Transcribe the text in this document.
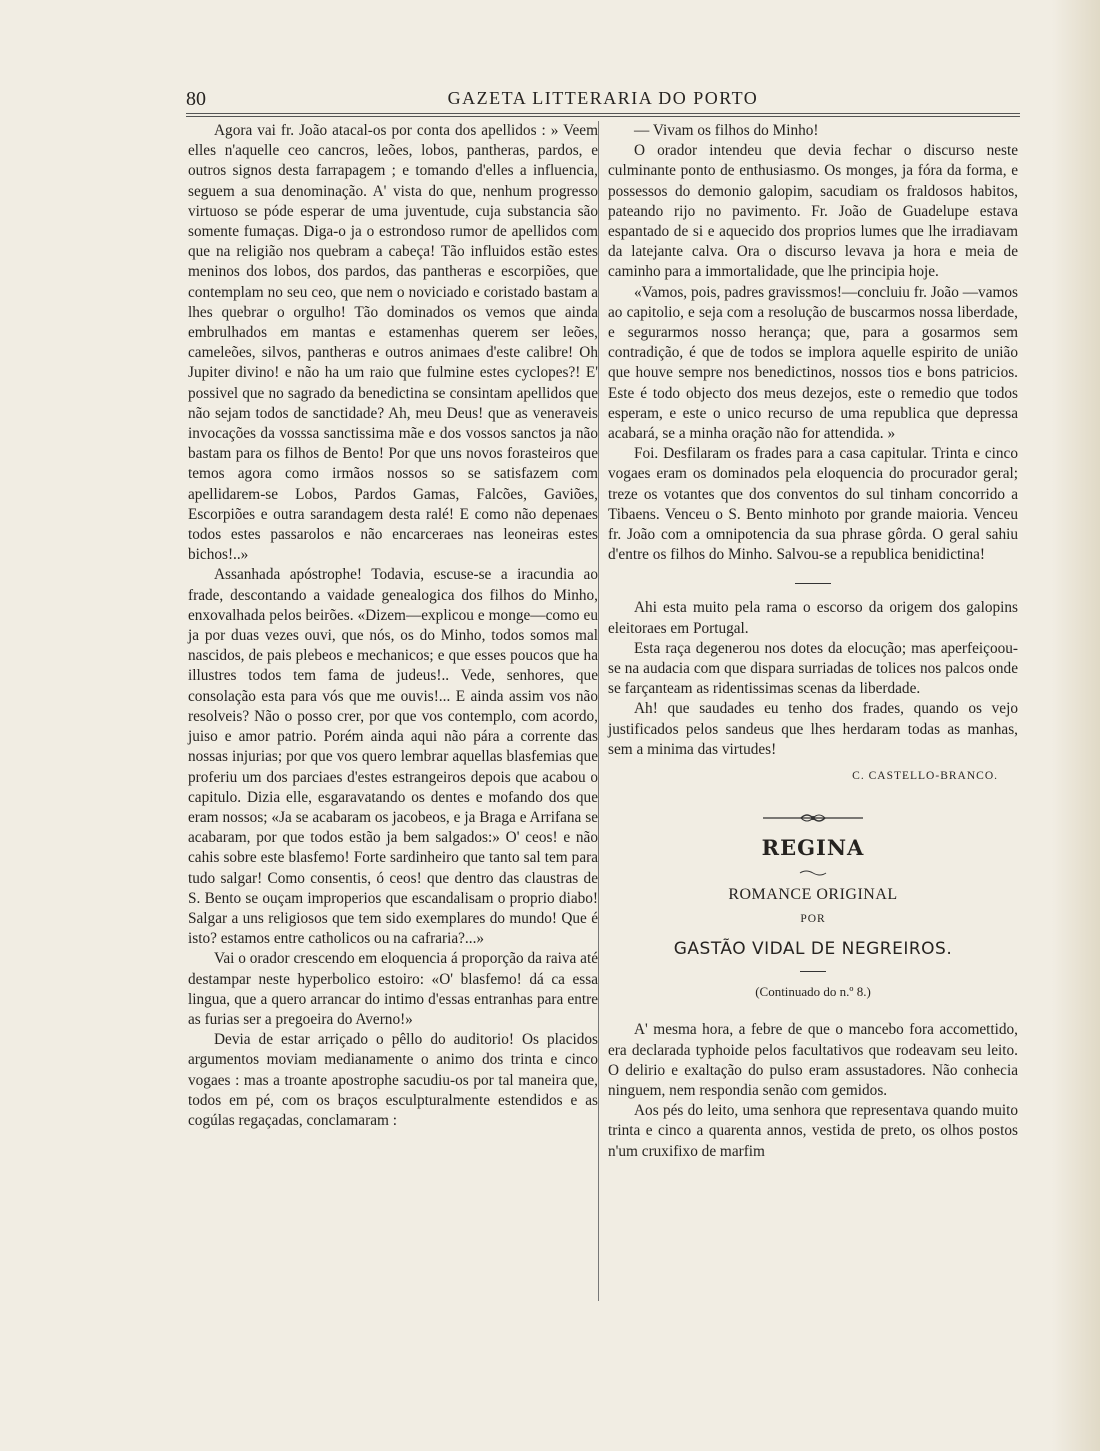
80	GAZETA LITTERARIA DO PORTO

Agora vai fr. João atacal-os por conta dos apellidos : » Veem elles n'aquelle ceo cancros, leões, lobos, pantheras, pardos, e outros signos desta farrapagem ; e tomando d'elles a influencia, seguem a sua denominação. A' vista do que, nenhum progresso virtuoso se póde esperar de uma juventude, cuja substancia são somente fumaças. Diga-o ja o estrondoso rumor de apellidos com que na religião nos quebram a cabeça! Tão influidos estão estes meninos dos lobos, dos pardos, das pantheras e escorpiões, que contemplam no seu ceo, que nem o noviciado e coristado bastam a lhes quebrar o orgulho! Tão dominados os vemos que ainda embrulhados em mantas e estamenhas querem ser leões, cameleões, silvos, pantheras e outros animaes d'este calibre! Oh Jupiter divino! e não ha um raio que fulmine estes cyclopes?! E' possivel que no sagrado da benedictina se consintam apellidos que não sejam todos de sanctidade? Ah, meu Deus! que as veneraveis invocações da vosssa sanctissima mãe e dos vossos sanctos ja não bastam para os filhos de Bento! Por que uns novos forasteiros que temos agora como irmãos nossos so se satisfazem com apellidarem-se Lobos, Pardos Gamas, Falcões, Gaviões, Escorpiões e outra sarandagem desta ralé! E como não depenaes todos estes passarolos e não encarceraes nas leoneiras estes bichos!..»

Assanhada apóstrophe! Todavia, escuse-se a iracundia ao frade, descontando a vaidade genealogica dos filhos do Minho, enxovalhada pelos beirões. «Dizem—explicou e monge—como eu ja por duas vezes ouvi, que nós, os do Minho, todos somos mal nascidos, de pais plebeos e mechanicos; e que esses poucos que ha illustres todos tem fama de judeus!.. Vede, senhores, que consolação esta para vós que me ouvis!... E ainda assim vos não resolveis? Não o posso crer, por que vos contemplo, com acordo, juiso e amor patrio. Porém ainda aqui não pára a corrente das nossas injurias; por que vos quero lembrar aquellas blasfemias que proferiu um dos parciaes d'estes estrangeiros depois que acabou o capitulo. Dizia elle, esgaravatando os dentes e mofando dos que eram nossos; «Ja se acabaram os jacobeos, e ja Braga e Arrifana se acabaram, por que todos estão ja bem salgados:» O' ceos! e não cahis sobre este blasfemo! Forte sardinheiro que tanto sal tem para tudo salgar! Como consentis, ó ceos! que dentro das claustras de S. Bento se ouçam improperios que escandalisam o proprio diabo! Salgar a uns religiosos que tem sido exemplares do mundo! Que é isto? estamos entre catholicos ou na cafraria?...»

Vai o orador crescendo em eloquencia á proporção da raiva até destampar neste hyperbolico estoiro: «O' blasfemo! dá ca essa lingua, que a quero arrancar do intimo d'essas entranhas para entre as furias ser a pregoeira do Averno!»

Devia de estar arriçado o pêllo do auditorio! Os placidos argumentos moviam medianamente o animo dos trinta e cinco vogaes : mas a troante apostrophe sacudiu-os por tal maneira que, todos em pé, com os braços esculpturalmente estendidos e as cogúlas regaçadas, conclamaram :

— Vivam os filhos do Minho!

O orador intendeu que devia fechar o discurso neste culminante ponto de enthusiasmo. Os monges, ja fóra da forma, e possessos do demonio galopim, sacudiam os fraldosos habitos, pateando rijo no pavimento. Fr. João de Guadelupe estava espantado de si e aquecido dos proprios lumes que lhe irradiavam da latejante calva. Ora o discurso levava ja hora e meia de caminho para a immortalidade, que lhe principia hoje.

«Vamos, pois, padres gravissmos!—concluiu fr. João —vamos ao capitolio, e seja com a resolução de buscarmos nossa liberdade, e segurarmos nosso herança; que, para a gosarmos sem contradição, é que de todos se implora aquelle espirito de união que houve sempre nos benedictinos, nossos tios e bons patricios. Este é todo objecto dos meus dezejos, este o remedio que todos esperam, e este o unico recurso de uma republica que depressa acabará, se a minha oração não for attendida. »

Foi. Desfilaram os frades para a casa capitular. Trinta e cinco vogaes eram os dominados pela eloquencia do procurador geral; treze os votantes que dos conventos do sul tinham concorrido a Tibaens. Venceu o S. Bento minhoto por grande maioria. Venceu fr. João com a omnipotencia da sua phrase gôrda. O geral sahiu d'entre os filhos do Minho. Salvou-se a republica benidictina!

Ahi esta muito pela rama o escorso da origem dos galopins eleitoraes em Portugal.

Esta raça degenerou nos dotes da elocução; mas aperfeiçoou-se na audacia com que dispara surriadas de tolices nos palcos onde se farçanteam as ridentissimas scenas da liberdade.

Ah! que saudades eu tenho dos frades, quando os vejo justificados pelos sandeus que lhes herdaram todas as manhas, sem a minima das virtudes!

C. CASTELLO-BRANCO.
REGINA
ROMANCE ORIGINAL
POR
GASTÃO VIDAL DE NEGREIROS.
(Continuado do n.º 8.)

A' mesma hora, a febre de que o mancebo fora accomettido, era declarada typhoide pelos facultativos que rodeavam seu leito. O delirio e exaltação do pulso eram assustadores. Não conhecia ninguem, nem respondia senão com gemidos.

Aos pés do leito, uma senhora que representava quando muito trinta e cinco a quarenta annos, vestida de preto, os olhos postos n'um cruxifixo de marfim
